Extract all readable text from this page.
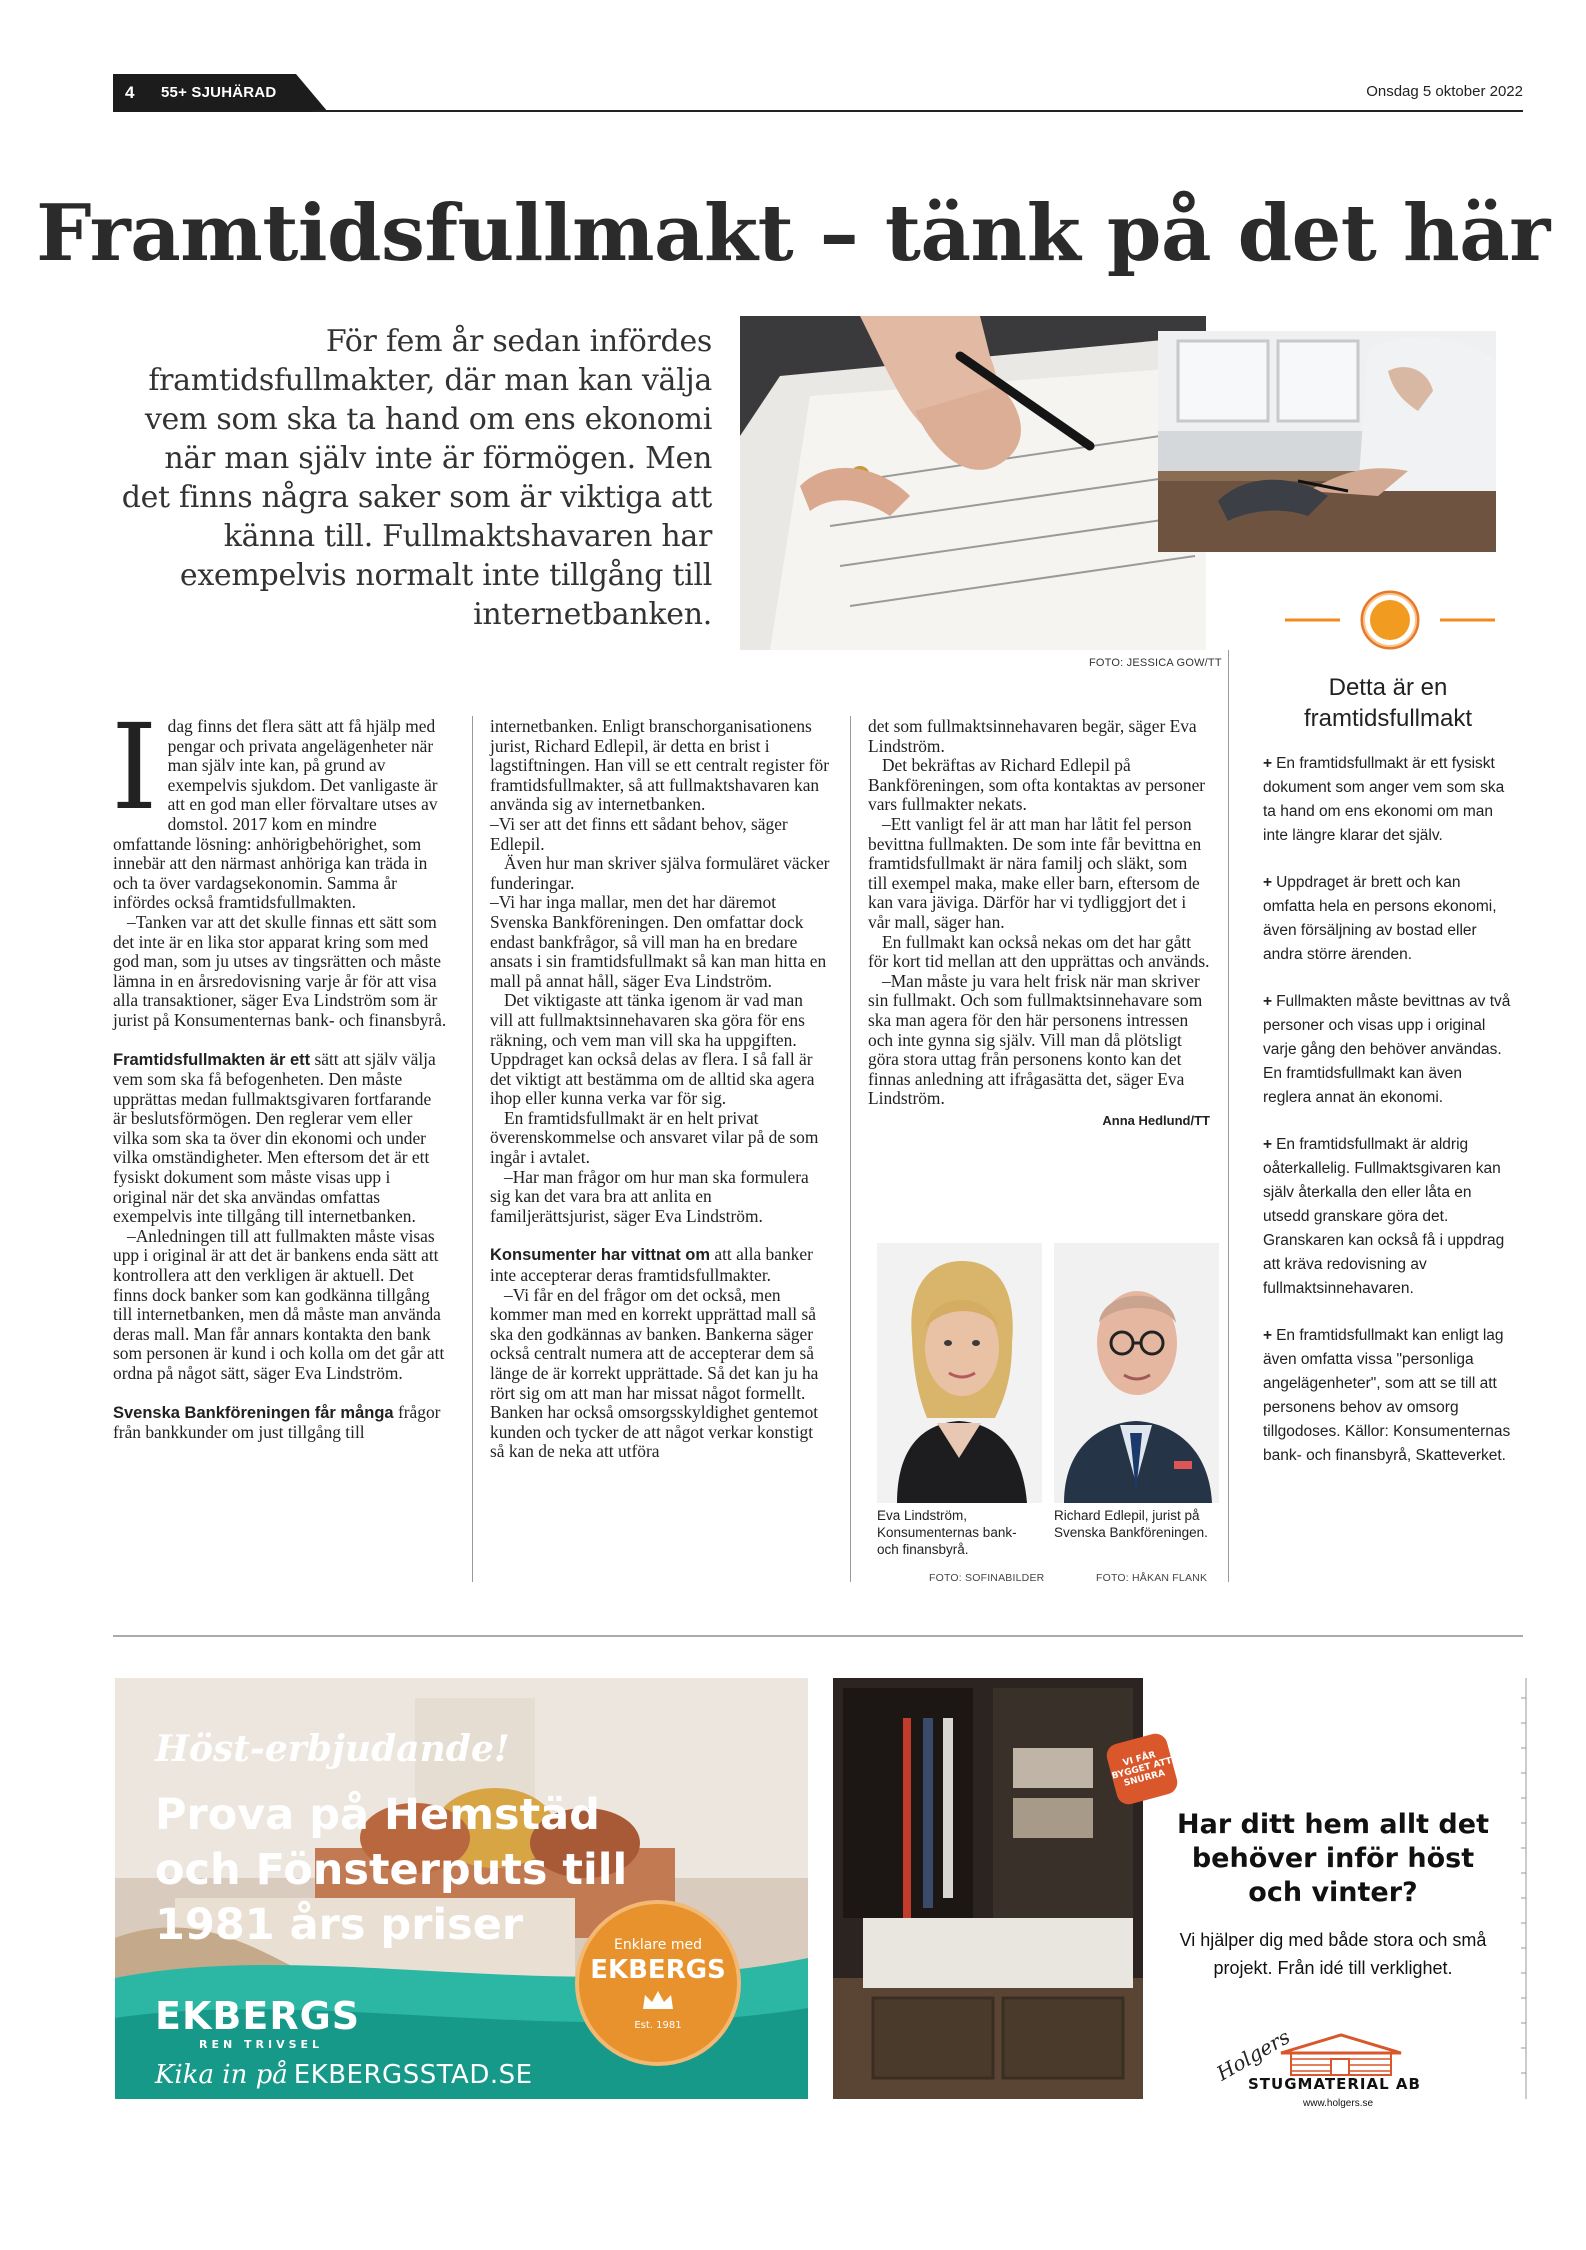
4 55+ SJUHÄRAD	Onsdag 5 oktober 2022
Framtidsfullmakt – tänk på det här
För fem år sedan infördes framtidsfullmakter, där man kan välja vem som ska ta hand om ens ekonomi när man själv inte är förmögen. Men det finns några saker som är viktiga att känna till. Fullmaktshavaren har exempelvis normalt inte tillgång till internetbanken.
FOTO: JESSICA GOW/TT
I dag finns det flera sätt att få hjälp med pengar och privata angelägenheter när man själv inte kan, på grund av exempelvis sjukdom. Det vanligaste är att en god man eller förvaltare utses av domstol. 2017 kom en mindre omfattande lösning: anhörigbehörighet, som innebär att den närmast anhöriga kan träda in och ta över vardagsekonomin. Samma år infördes också framtidsfullmakten.

–Tanken var att det skulle finnas ett sätt som det inte är en lika stor apparat kring som med god man, som ju utses av tingsrätten och måste lämna in en årsredovisning varje år för att visa alla transaktioner, säger Eva Lindström som är jurist på Konsumenternas bank- och finansbyrå.

Framtidsfullmakten är ett sätt att själv välja vem som ska få befogenheten. Den måste upprättas medan fullmaktsgivaren fortfarande är beslutsförmögen. Den reglerar vem eller vilka som ska ta över din ekonomi och under vilka omständigheter. Men eftersom det är ett fysiskt dokument som måste visas upp i original när det ska användas omfattas exempelvis inte tillgång till internetbanken.

–Anledningen till att fullmakten måste visas upp i original är att det är bankens enda sätt att kontrollera att den verkligen är aktuell. Det finns dock banker som kan godkänna tillgång till internetbanken, men då måste man använda deras mall. Man får annars kontakta den bank som personen är kund i och kolla om det går att ordna på något sätt, säger Eva Lindström.

Svenska Bankföreningen får många frågor från bankkunder om just tillgång till

internetbanken. Enligt branschorganisationens jurist, Richard Edlepil, är detta en brist i lagstiftningen. Han vill se ett centralt register för framtidsfullmakter, så att fullmaktshavaren kan använda sig av internetbanken.

–Vi ser att det finns ett sådant behov, säger Edlepil.

Även hur man skriver själva formuläret väcker funderingar.

–Vi har inga mallar, men det har däremot Svenska Bankföreningen. Den omfattar dock endast bankfrågor, så vill man ha en bredare ansats i sin framtidsfullmakt så kan man hitta en mall på annat håll, säger Eva Lindström.

Det viktigaste att tänka igenom är vad man vill att fullmaktsinnehavaren ska göra för ens räkning, och vem man vill ska ha uppgiften. Uppdraget kan också delas av flera. I så fall är det viktigt att bestämma om de alltid ska agera ihop eller kunna verka var för sig.

En framtidsfullmakt är en helt privat överenskommelse och ansvaret vilar på de som ingår i avtalet.

–Har man frågor om hur man ska formulera sig kan det vara bra att anlita en familjerättsjurist, säger Eva Lindström.

Konsumenter har vittnat om att alla banker inte accepterar deras framtidsfullmakter.

–Vi får en del frågor om det också, men kommer man med en korrekt upprättad mall så ska den godkännas av banken. Bankerna säger också centralt numera att de accepterar dem så länge de är korrekt upprättade. Så det kan ju ha rört sig om att man har missat något formellt. Banken har också omsorgsskyldighet gentemot kunden och tycker de att något verkar konstigt så kan de neka att utföra

det som fullmaktsinnehavaren begär, säger Eva Lindström.

Det bekräftas av Richard Edlepil på Bankföreningen, som ofta kontaktas av personer vars fullmakter nekats.

–Ett vanligt fel är att man har låtit fel person bevittna fullmakten. De som inte får bevittna en framtidsfullmakt är nära familj och släkt, som till exempel maka, make eller barn, eftersom de kan vara jäviga. Därför har vi tydliggjort det i vår mall, säger han.

En fullmakt kan också nekas om det har gått för kort tid mellan att den upprättas och används.

–Man måste ju vara helt frisk när man skriver sin fullmakt. Och som fullmaktsinnehavare som ska man agera för den här personens intressen och inte gynna sig själv. Vill man då plötsligt göra stora uttag från personens konto kan det finnas anledning att ifrågasätta det, säger Eva Lindström.

Anna Hedlund/TT
Eva Lindström, Konsumenternas bank- och finansbyrå.
Richard Edlepil, jurist på Svenska Bankföreningen.
FOTO: SOFINABILDER	FOTO: HÅKAN FLANK
Detta är en
framtidsfullmakt
+ En framtidsfullmakt är ett fysiskt dokument som anger vem som ska ta hand om ens ekonomi om man inte längre klarar det själv.
+ Uppdraget är brett och kan omfatta hela en persons ekonomi, även försäljning av bostad eller andra större ärenden.
+ Fullmakten måste bevittnas av två personer och visas upp i original varje gång den behöver användas. En framtidsfullmakt kan även reglera annat än ekonomi.
+ En framtidsfullmakt är aldrig oåterkallelig. Fullmaktsgivaren kan själv återkalla den eller låta en utsedd granskare göra det. Granskaren kan också få i uppdrag att kräva redovisning av fullmaktsinnehavaren.
+ En framtidsfullmakt kan enligt lag även omfatta vissa "personliga angelägenheter", som att se till att personens behov av omsorg tillgodoses. Källor: Konsumenternas bank- och finansbyrå, Skatteverket.
Höst-erbjudande!
Prova på Hemstäd och Fönsterputs till 1981 års priser	Enklare med
EKBERGS
Est. 1981
EKBERGS
REN TRIVSEL
Kika in på EKBERGSSTAD.SE
VI FÅR BYGGET ATT SNURRA
Har ditt hem allt det behöver inför höst och vinter?
Vi hjälper dig med både stora och små projekt. Från idé till verklighet.
Holgers
STUGMATERIAL AB
www.holgers.se
